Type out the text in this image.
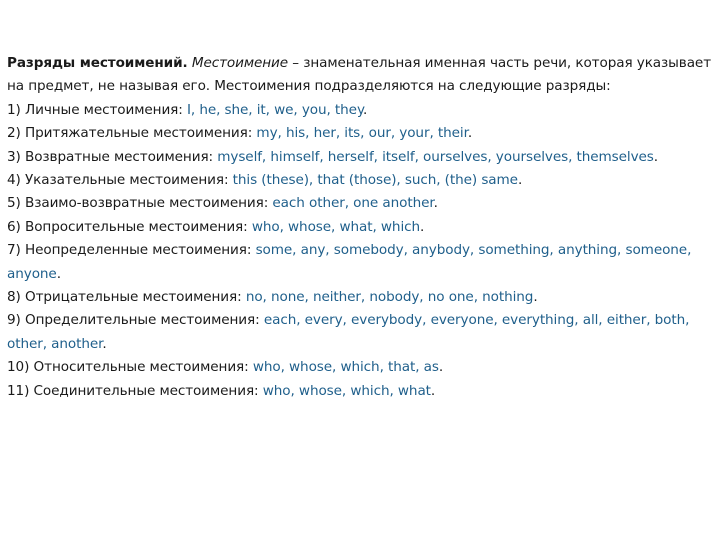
Разряды местоимений. Местоимение – знаменательная именная часть речи, которая указывает на предмет, не называя его. Местоимения подразделяются на следующие разряды:

1) Личные местоимения: I, he, she, it, we, you, they.

2) Притяжательные местоимения: my, his, her, its, our, your, their.

3) Возвратные местоимения: myself, himself, herself, itself, ourselves, yourselves, themselves.

4) Указательные местоимения: this (these), that (those), such, (the) same.

5) Взаимо-возвратные местоимения: each other, one another.

6) Вопросительные местоимения: who, whose, what, which.

7) Неопределенные местоимения: some, any, somebody, anybody, something, anything, someone, anyone.

8) Отрицательные местоимения: no, none, neither, nobody, no one, nothing.

9) Определительные местоимения: each, every, everybody, everyone, everything, all, either, both, other, another.

10) Относительные местоимения: who, whose, which, that, as.

11) Соединительные местоимения: who, whose, which, what.
